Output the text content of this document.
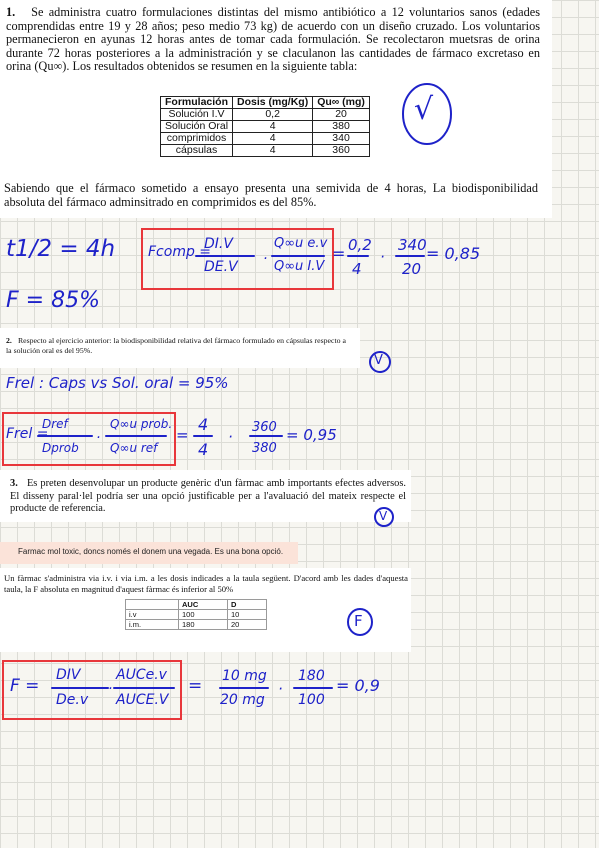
1. Se administra cuatro formulaciones distintas del mismo antibiótico a 12 voluntarios sanos (edades comprendidas entre 19 y 28 años; peso medio 73 kg) de acuerdo con un diseño cruzado. Los voluntarios permanecieron en ayunas 12 horas antes de tomar cada formulación. Se recolectaron muetsras de orina durante 72 horas posteriores a la administración y se claculanon las cantidades de fármaco excretaso en orina (Qu∞). Los resultados obtenidos se resumen en la siguiente tabla:
Formulación	Dosis (mg/Kg)	Qu∞ (mg)
Solución I.V	0,2	20
Solución Oral	4	380
comprimidos	4	340
cápsulas	4	360
Sabiendo que el fármaco sometido a ensayo presenta una semivida de 4 horas, La biodisponibilidad absoluta del fármaco adminsitrado en comprimidos es del 85%.
2. Respecto al ejercicio anterior: la biodisponibilidad relativa del fármaco formulado en cápsulas respecto a la solución oral es del 95%.
3. Es preten desenvolupar un producte genèric d'un fàrmac amb importants efectes adversos. El disseny paral·lel podría ser una opció justificable per a l'avaluació del mateix respecte el producte de referencia.
Farmac mol toxic, doncs només el donem una vegada. Es una bona opció.
Un fàrmac s'administra via i.v. i via i.m. a les dosis indicades a la taula següent. D'acord amb les dades d'aquesta taula, la F absoluta en magnitud d'aquest fàrmac és inferior al 50%
	AUC	D
i.v	100	10
i.m.	180	20
t1/2 = 4h
F = 85%
Fcomp =
DI.V
DE.V ·
Q∞u e.v
Q∞u I.V
= 0,2
4
·
340
20
= 0,85
√
V
V
F
Frel : Caps vs Sol. oral = 95%
Frel =
Dref
Dprob
·
Q∞u prob.
Q∞u ref
=
4
4
·
360
380
= 0,95
F =
DIV
De.v
·
AUCe.v
AUCE.V
= 10 mg
20 mg
·
180
100
= 0,9
